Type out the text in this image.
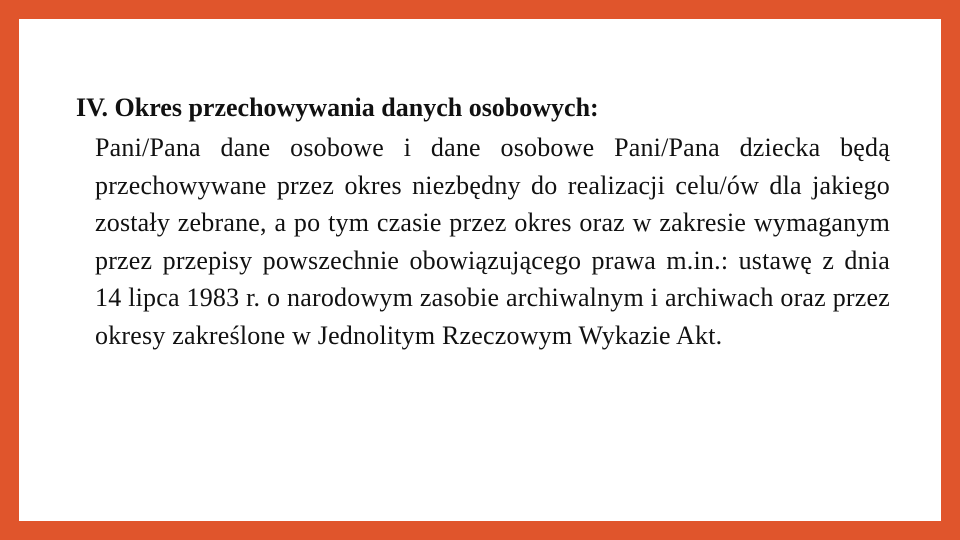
IV. Okres przechowywania danych osobowych:

Pani/Pana dane osobowe i dane osobowe Pani/Pana dziecka będą przechowywane przez okres niezbędny do realizacji celu/ów dla jakiego zostały zebrane, a po tym czasie przez okres oraz w zakresie wymaganym przez przepisy powszechnie obowiązującego prawa m.in.: ustawę z dnia 14 lipca 1983 r. o narodowym zasobie archiwalnym i archiwach oraz przez okresy zakreślone w Jednolitym Rzeczowym Wykazie Akt.
